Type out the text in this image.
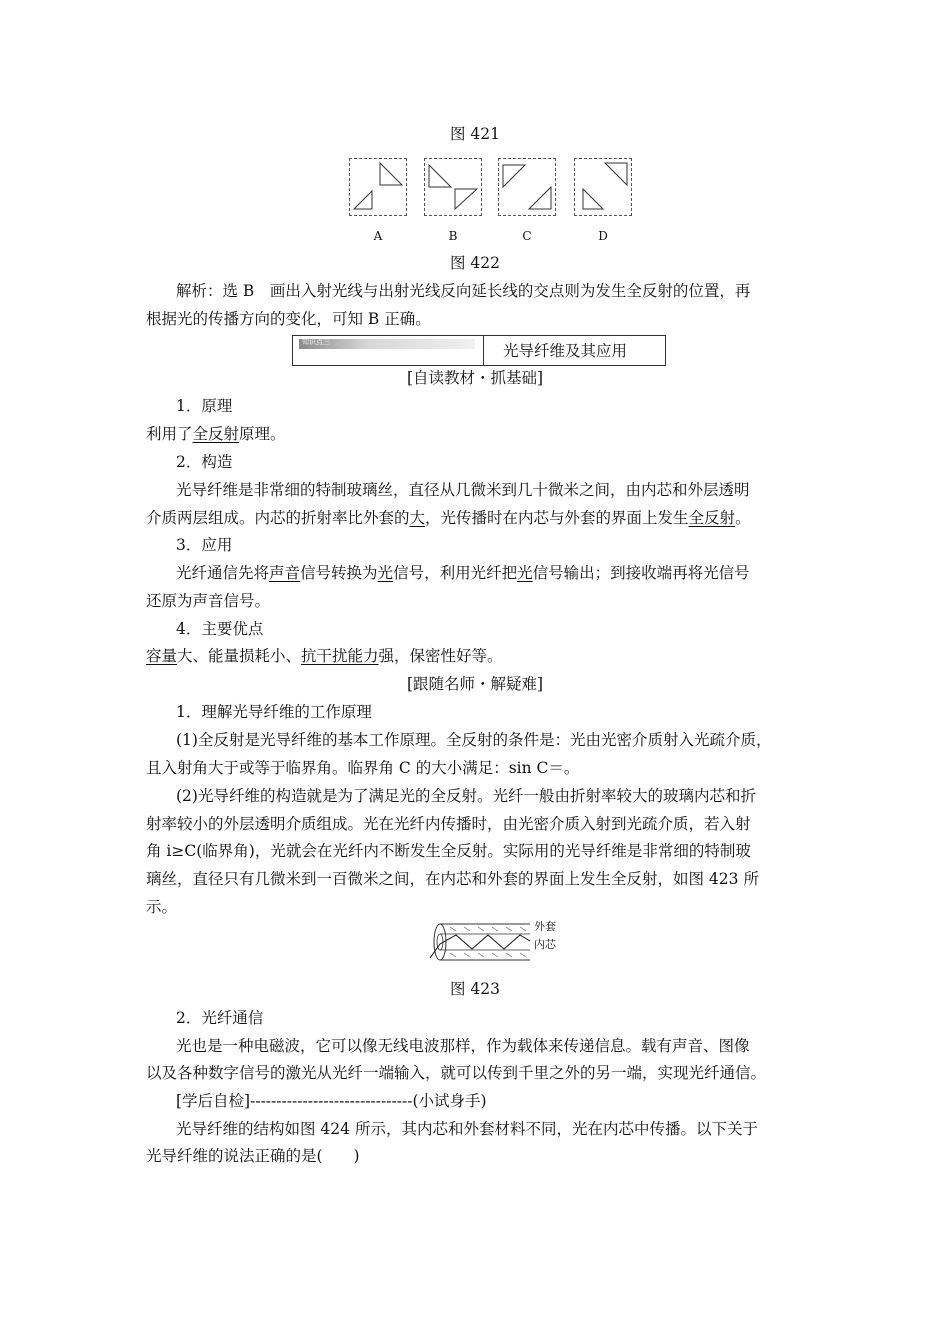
图 421
A	B	C	D
图 422
解析：选 B　画出入射光线与出射光线反向延长线的交点则为发生全反射的位置，再
根据光的传播方向的变化，可知 B 正确。
知识点三	光导纤维及其应用
[自读教材・抓基础]
1．原理
利用了全反射原理。
2．构造
光导纤维是非常细的特制玻璃丝，直径从几微米到几十微米之间，由内芯和外层透明
介质两层组成。内芯的折射率比外套的大，光传播时在内芯与外套的界面上发生全反射。
3．应用
光纤通信先将声音信号转换为光信号，利用光纤把光信号输出；到接收端再将光信号
还原为声音信号。
4．主要优点
容量大、能量损耗小、抗干扰能力强，保密性好等。
[跟随名师・解疑难]
1．理解光导纤维的工作原理
(1)全反射是光导纤维的基本工作原理。全反射的条件是：光由光密介质射入光疏介质，
且入射角大于或等于临界角。临界角 C 的大小满足：sin C＝。
(2)光导纤维的构造就是为了满足光的全反射。光纤一般由折射率较大的玻璃内芯和折
射率较小的外层透明介质组成。光在光纤内传播时，由光密介质入射到光疏介质，若入射
角 i≥C(临界角)，光就会在光纤内不断发生全反射。实际用的光导纤维是非常细的特制玻
璃丝，直径只有几微米到一百微米之间，在内芯和外套的界面上发生全反射，如图 423 所
示。
外套
内芯
图 423
2．光纤通信
光也是一种电磁波，它可以像无线电波那样，作为载体来传递信息。载有声音、图像
以及各种数字信号的激光从光纤一端输入，就可以传到千里之外的另一端，实现光纤通信。
[学后自检]-------------------------------(小试身手)
光导纤维的结构如图 424 所示，其内芯和外套材料不同，光在内芯中传播。以下关于
光导纤维的说法正确的是(　　)
